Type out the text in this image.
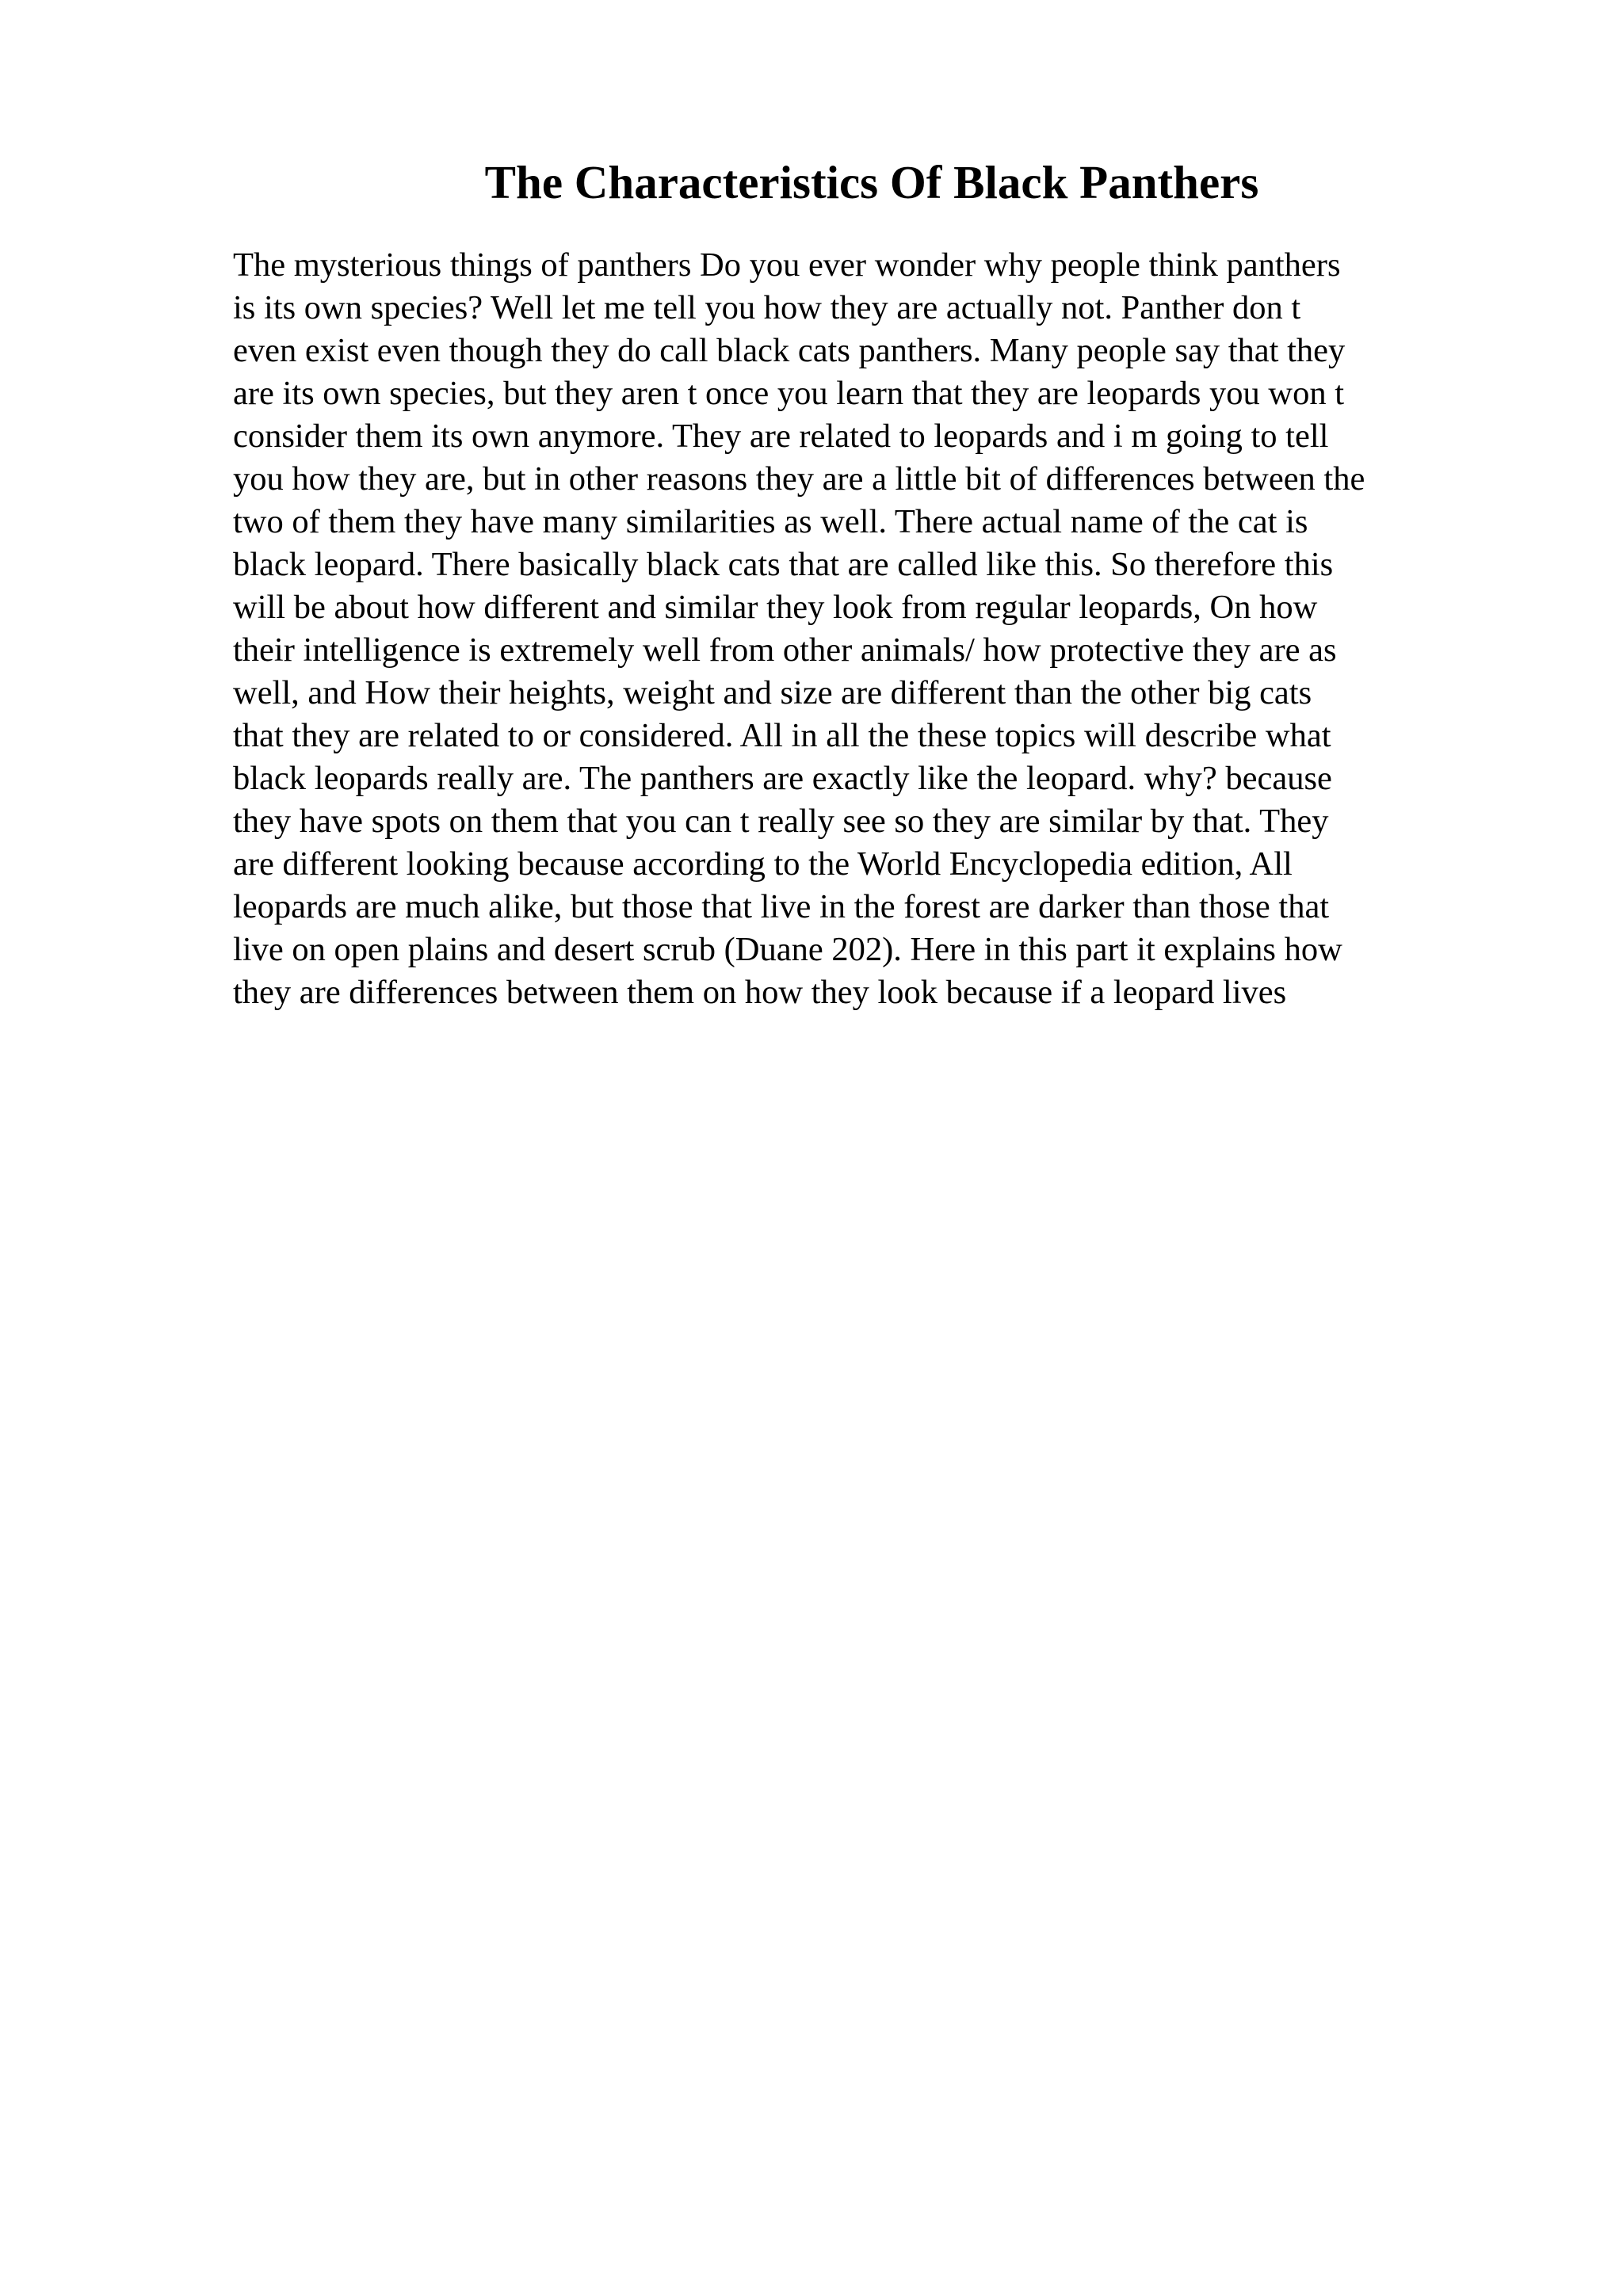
The Characteristics Of Black Panthers
The mysterious things of panthers Do you ever wonder why people think panthers
is its own species? Well let me tell you how they are actually not. Panther don t
even exist even though they do call black cats panthers. Many people say that they
are its own species, but they aren t once you learn that they are leopards you won t
consider them its own anymore. They are related to leopards and i m going to tell
you how they are, but in other reasons they are a little bit of differences between the
two of them they have many similarities as well. There actual name of the cat is
black leopard. There basically black cats that are called like this. So therefore this
will be about how different and similar they look from regular leopards, On how
their intelligence is extremely well from other animals/ how protective they are as
well, and How their heights, weight and size are different than the other big cats
that they are related to or considered. All in all the these topics will describe what
black leopards really are. The panthers are exactly like the leopard. why? because
they have spots on them that you can t really see so they are similar by that. They
are different looking because according to the World Encyclopedia edition, All
leopards are much alike, but those that live in the forest are darker than those that
live on open plains and desert scrub (Duane 202). Here in this part it explains how
they are differences between them on how they look because if a leopard lives
